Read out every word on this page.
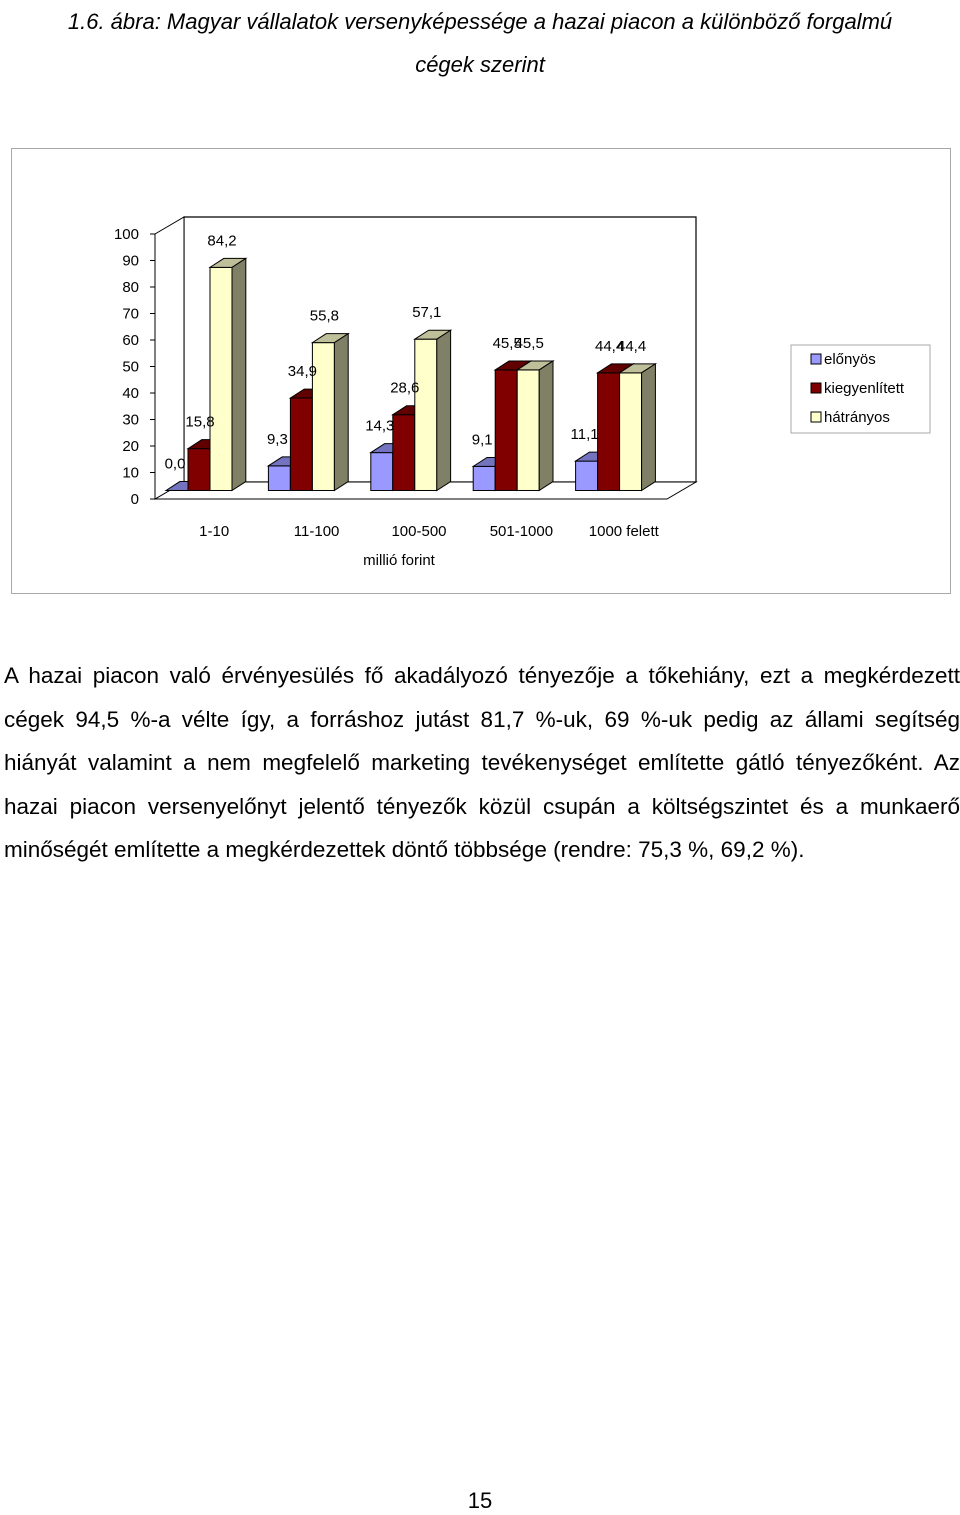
1.6. ábra: Magyar vállalatok versenyképessége a hazai piacon a különböző forgalmú
cégek szerint
0
10
20
30
40
50
60
70
80
90
100
0,0
9,3
14,3
9,1	11,1
15,8
34,9
28,6
45,5	44,4
84,2
55,8	57,1
45,5	44,4
1-10	11-100	100-500	501-1000 1000 felett
millió forint
előnyös
kiegyenlített
hátrányos

A hazai piacon való érvényesülés fő akadályozó tényezője a tőkehiány, ezt a megkérdezett cégek 94,5 %-a vélte így, a forráshoz jutást 81,7 %-uk, 69 %-uk pedig az állami segítség hiányát valamint a nem megfelelő marketing tevékenységet említette gátló tényezőként. Az hazai piacon versenyelőnyt jelentő tényezők közül csupán a költségszintet és a munkaerő minőségét említette a megkérdezettek döntő többsége (rendre: 75,3 %, 69,2 %).

15
